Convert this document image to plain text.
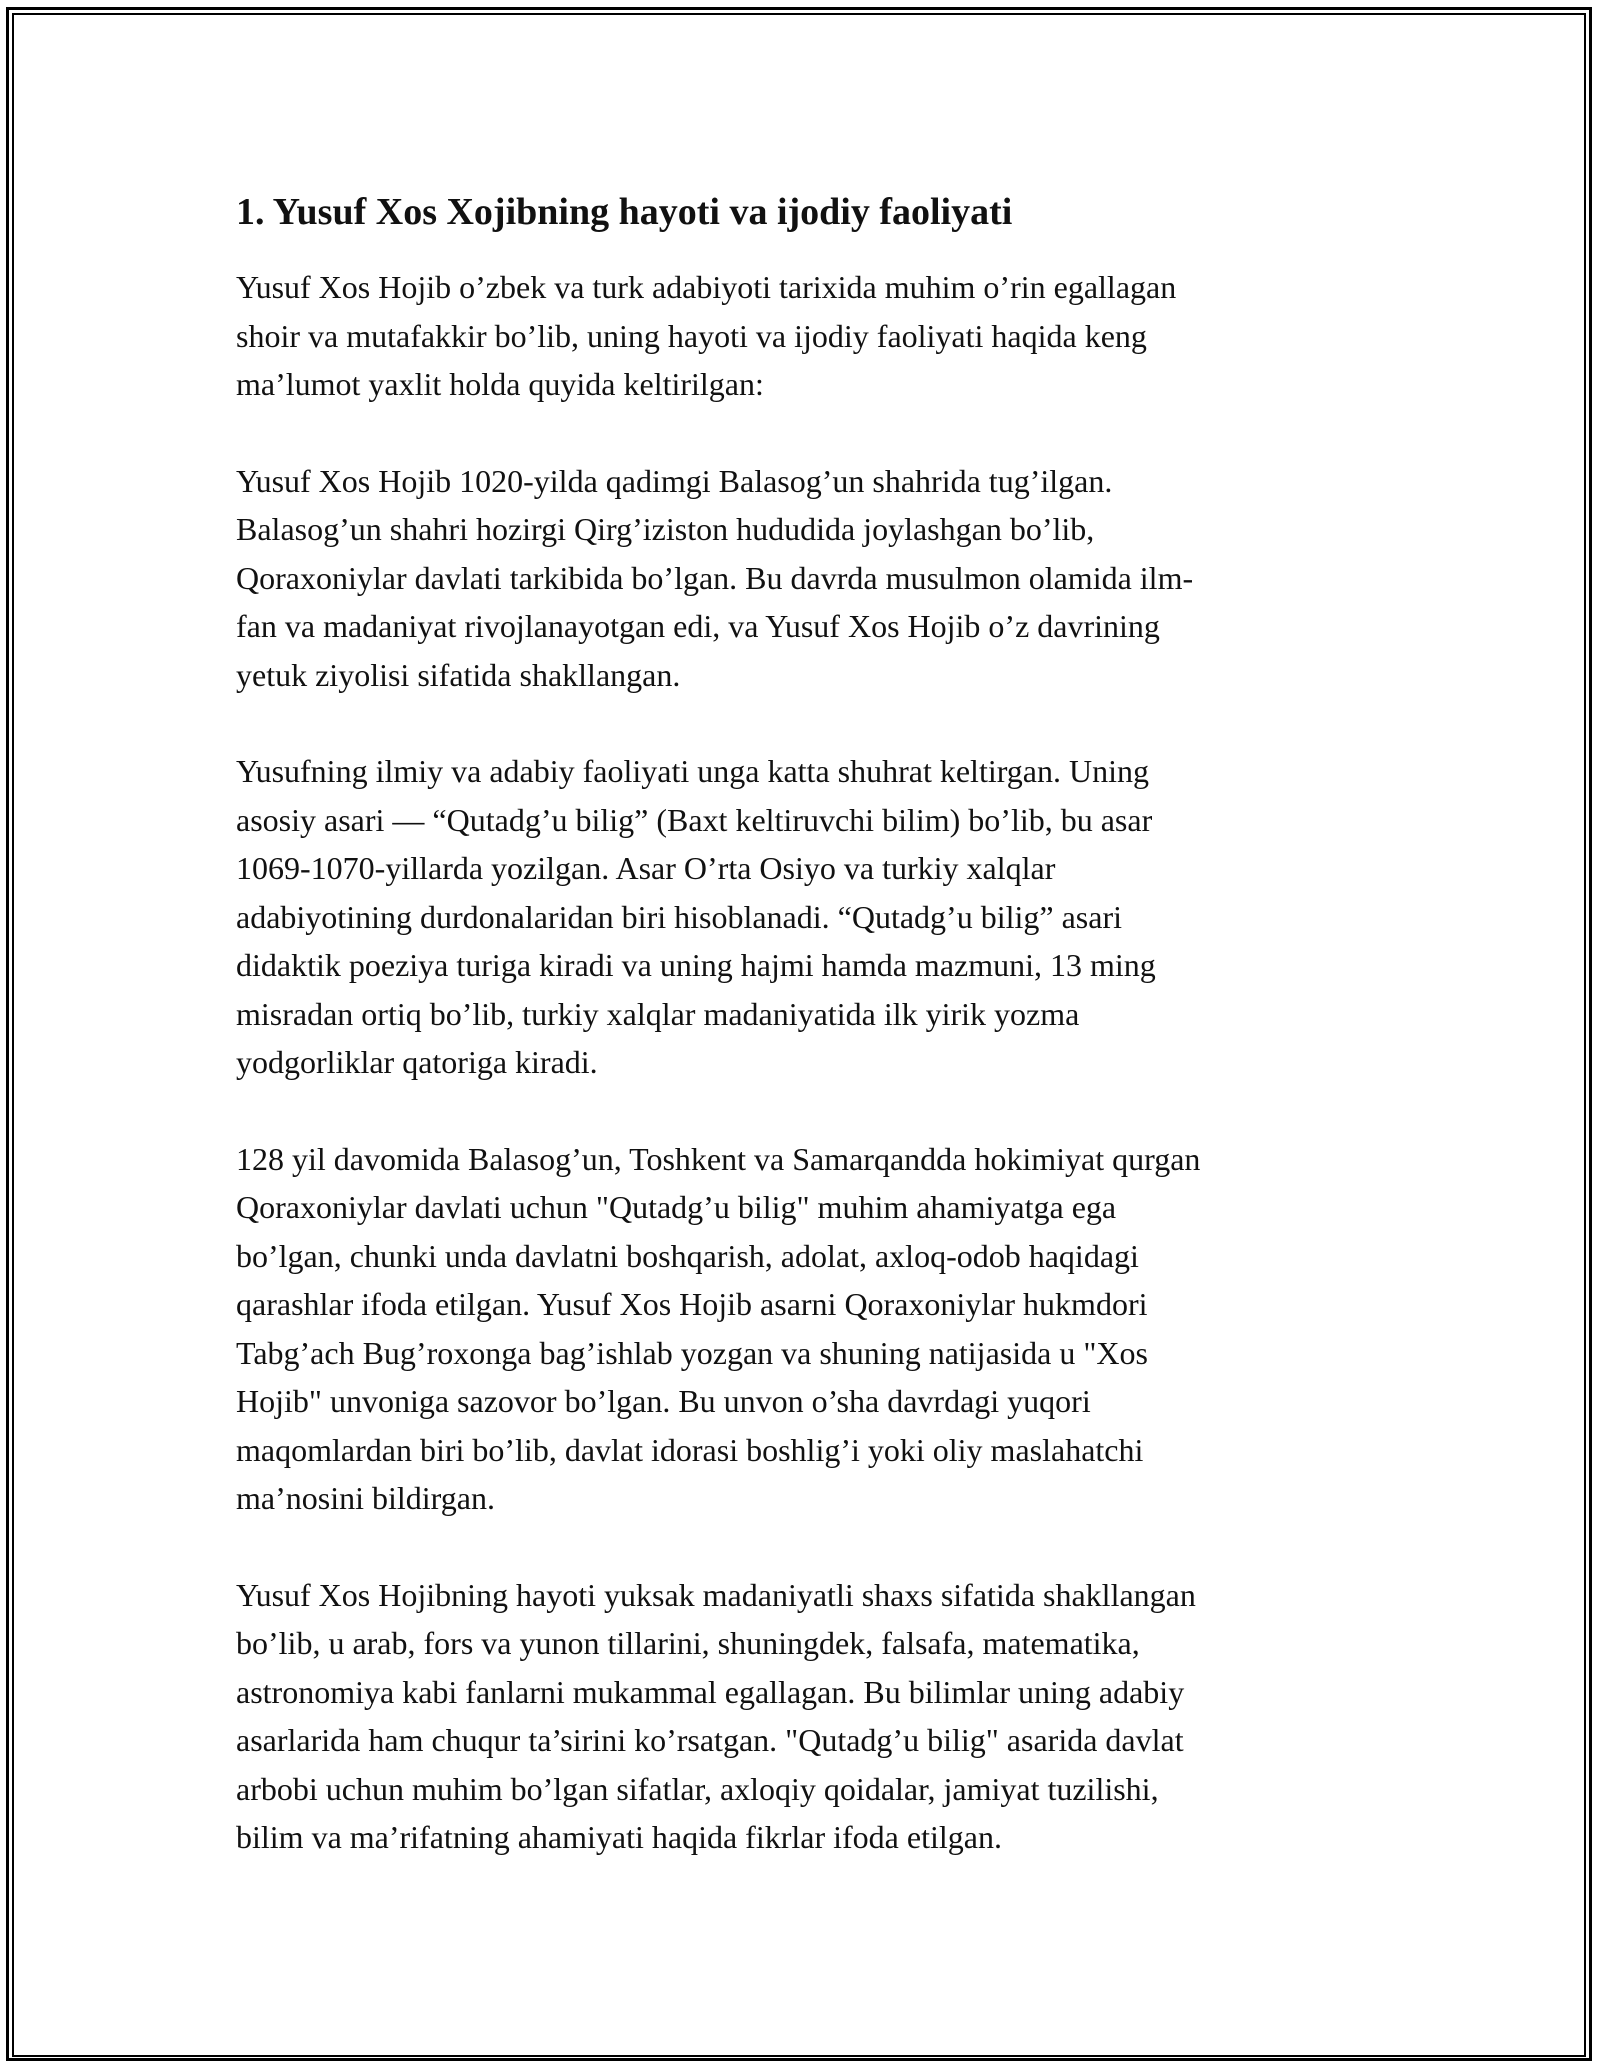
1. Yusuf Xos Xojibning hayoti va ijodiy faoliyati

Yusuf Xos Hojib o’zbek va turk adabiyoti tarixida muhim o’rin egallagan
shoir va mutafakkir bo’lib, uning hayoti va ijodiy faoliyati haqida keng
ma’lumot yaxlit holda quyida keltirilgan:

Yusuf Xos Hojib 1020-yilda qadimgi Balasog’un shahrida tug’ilgan.
Balasog’un shahri hozirgi Qirg’iziston hududida joylashgan bo’lib,
Qoraxoniylar davlati tarkibida bo’lgan. Bu davrda musulmon olamida ilm-
fan va madaniyat rivojlanayotgan edi, va Yusuf Xos Hojib o’z davrining
yetuk ziyolisi sifatida shakllangan.

Yusufning ilmiy va adabiy faoliyati unga katta shuhrat keltirgan. Uning
asosiy asari — “Qutadg’u bilig” (Baxt keltiruvchi bilim) bo’lib, bu asar
1069-1070-yillarda yozilgan. Asar O’rta Osiyo va turkiy xalqlar
adabiyotining durdonalaridan biri hisoblanadi. “Qutadg’u bilig” asari
didaktik poeziya turiga kiradi va uning hajmi hamda mazmuni, 13 ming
misradan ortiq bo’lib, turkiy xalqlar madaniyatida ilk yirik yozma
yodgorliklar qatoriga kiradi.

128 yil davomida Balasog’un, Toshkent va Samarqandda hokimiyat qurgan
Qoraxoniylar davlati uchun "Qutadg’u bilig" muhim ahamiyatga ega
bo’lgan, chunki unda davlatni boshqarish, adolat, axloq-odob haqidagi
qarashlar ifoda etilgan. Yusuf Xos Hojib asarni Qoraxoniylar hukmdori
Tabg’ach Bug’roxonga bag’ishlab yozgan va shuning natijasida u "Xos
Hojib" unvoniga sazovor bo’lgan. Bu unvon o’sha davrdagi yuqori
maqomlardan biri bo’lib, davlat idorasi boshlig’i yoki oliy maslahatchi
ma’nosini bildirgan.

Yusuf Xos Hojibning hayoti yuksak madaniyatli shaxs sifatida shakllangan
bo’lib, u arab, fors va yunon tillarini, shuningdek, falsafa, matematika,
astronomiya kabi fanlarni mukammal egallagan. Bu bilimlar uning adabiy
asarlarida ham chuqur ta’sirini ko’rsatgan. "Qutadg’u bilig" asarida davlat
arbobi uchun muhim bo’lgan sifatlar, axloqiy qoidalar, jamiyat tuzilishi,
bilim va ma’rifatning ahamiyati haqida fikrlar ifoda etilgan.
